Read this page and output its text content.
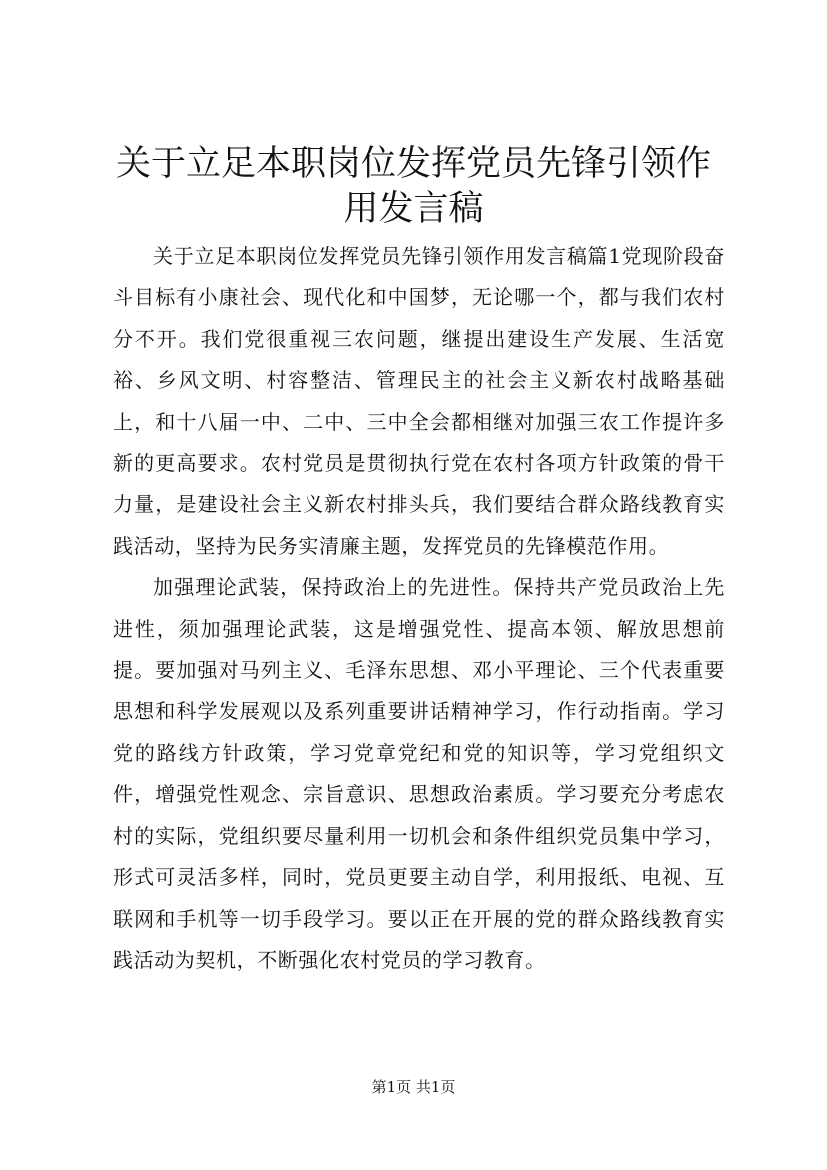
关于立足本职岗位发挥党员先锋引领作用发言稿

关于立足本职岗位发挥党员先锋引领作用发言稿篇1党现阶段奋斗目标有小康社会、现代化和中国梦，无论哪一个，都与我们农村分不开。我们党很重视三农问题，继提出建设生产发展、生活宽裕、乡风文明、村容整洁、管理民主的社会主义新农村战略基础上，和十八届一中、二中、三中全会都相继对加强三农工作提许多新的更高要求。农村党员是贯彻执行党在农村各项方针政策的骨干力量，是建设社会主义新农村排头兵，我们要结合群众路线教育实践活动，坚持为民务实清廉主题，发挥党员的先锋模范作用。

加强理论武装，保持政治上的先进性。保持共产党员政治上先进性，须加强理论武装，这是增强党性、提高本领、解放思想前提。要加强对马列主义、毛泽东思想、邓小平理论、三个代表重要思想和科学发展观以及系列重要讲话精神学习，作行动指南。学习党的路线方针政策，学习党章党纪和党的知识等，学习党组织文件，增强党性观念、宗旨意识、思想政治素质。学习要充分考虑农村的实际，党组织要尽量利用一切机会和条件组织党员集中学习，形式可灵活多样，同时，党员更要主动自学，利用报纸、电视、互联网和手机等一切手段学习。要以正在开展的党的群众路线教育实践活动为契机，不断强化农村党员的学习教育。

第1页 共1页
